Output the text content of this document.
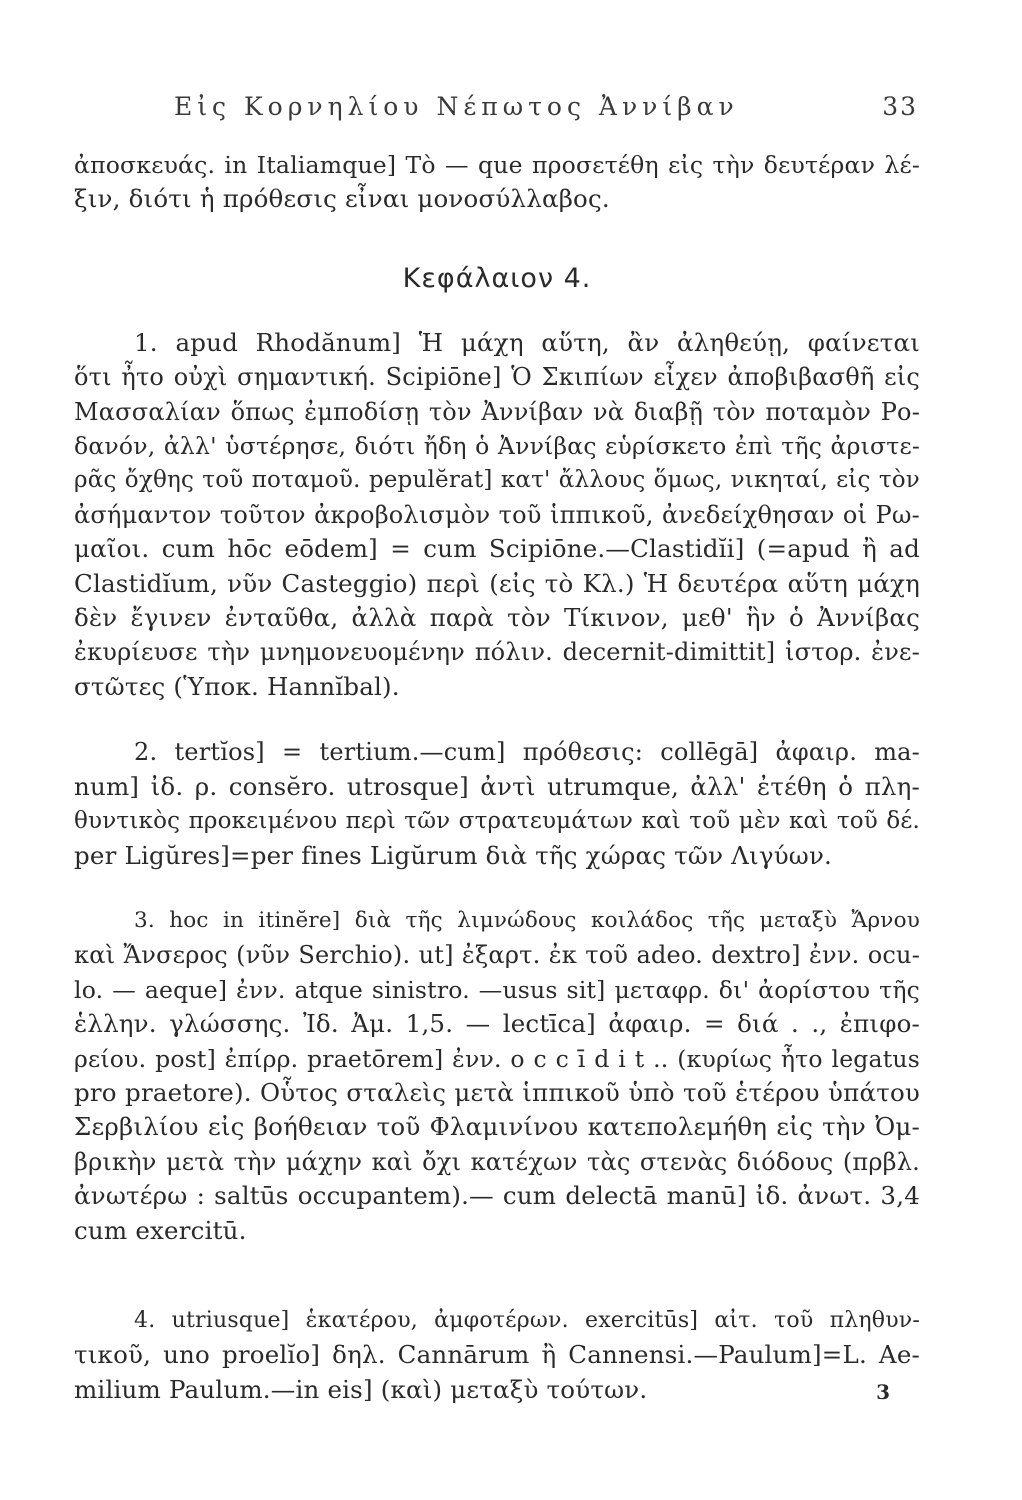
Εἰς Κορνηλίου Νέπωτος Ἀννίβαν	33
ἀποσκευάς. in Italiamque] Τὸ — que προσετέθη εἰς τὴν δευτέραν λέ-
ξιν, διότι ἡ πρόθεσις εἶναι μονοσύλλαβος.
Κεφάλαιον 4.
1. apud Rhodănum] Ἡ μάχη αὕτη, ἂν ἀληθεύῃ, φαίνεται
ὅτι ἦτο οὐχὶ σημαντική. Scipiōne] Ὁ Σκιπίων εἶχεν ἀποβιβασθῆ εἰς
Μασσαλίαν ὅπως ἐμποδίσῃ τὸν Ἀννίβαν νὰ διαβῇ τὸν ποταμὸν Ρο-
δανόν, ἀλλ' ὑστέρησε, διότι ἤδη ὁ Ἀννίβας εὑρίσκετο ἐπὶ τῆς ἀριστε-
ρᾶς ὄχθης τοῦ ποταμοῦ. pepulĕrat] κατ' ἄλλους ὅμως, νικηταί, εἰς τὸν
ἀσήμαντον τοῦτον ἀκροβολισμὸν τοῦ ἱππικοῦ, ἀνεδείχθησαν οἱ Ρω-
μαῖοι. cum hōc eōdem] = cum Scipiōne.—Clastidĭi] (=apud ἢ ad
Clastidĭum, νῦν Casteggio) περὶ (εἰς τὸ Κλ.) Ἡ δευτέρα αὕτη μάχη
δὲν ἔγινεν ἐνταῦθα, ἀλλὰ παρὰ τὸν Τίκινον, μεθ' ἣν ὁ Ἀννίβας
ἐκυρίευσε τὴν μνημονευομένην πόλιν. decernit-dimittit] ἱστορ. ἐνε-
στῶτες (Ὑποκ. Hannĭbal).
2. tertĭos] = tertium.—cum] πρόθεσις: collēgā] ἀφαιρ. ma-
num] ἰδ. ρ. consĕro. utrosque] ἀντὶ utrumque, ἀλλ' ἐτέθη ὁ πλη-
θυντικὸς προκειμένου περὶ τῶν στρατευμάτων καὶ τοῦ μὲν καὶ τοῦ δέ.
per Ligŭres]=per fines Ligŭrum διὰ τῆς χώρας τῶν Λιγύων.
3. hoc in itinĕre] διὰ τῆς λιμνώδους κοιλάδος τῆς μεταξὺ Ἄρνου
καὶ Ἄνσερος (νῦν Serchio). ut] ἐξαρτ. ἐκ τοῦ adeo. dextro] ἐνν. ocu-
lo. — aeque] ἐνν. atque sinistro. —usus sit] μεταφρ. δι' ἀορίστου τῆς
ἑλλην. γλώσσης. Ἰδ. Ἀμ. 1,5. — lectīca] ἀφαιρ. = διά . ., ἐπιφο-
ρείου. post] ἐπίρρ. praetōrem] ἐνν. o c c ī d i t .. (κυρίως ἦτο legatus
pro praetore). Οὗτος σταλεὶς μετὰ ἱππικοῦ ὑπὸ τοῦ ἑτέρου ὑπάτου
Σερβιλίου εἰς βοήθειαν τοῦ Φλαμινίνου κατεπολεμήθη εἰς τὴν Ὀμ-
βρικὴν μετὰ τὴν μάχην καὶ ὄχι κατέχων τὰς στενὰς διόδους (πρβλ.
ἀνωτέρω : saltūs occupantem).— cum delectā manū] ἰδ. ἀνωτ. 3,4
cum exercitū.
4. utriusque] ἑκατέρου, ἀμφοτέρων. exercitūs] αἰτ. τοῦ πληθυν-
τικοῦ, uno proelĭo] δηλ. Cannārum ἢ Cannensi.—Paulum]=L. Ae-
milium Paulum.—in eis] (καὶ) μεταξὺ τούτων.	3
